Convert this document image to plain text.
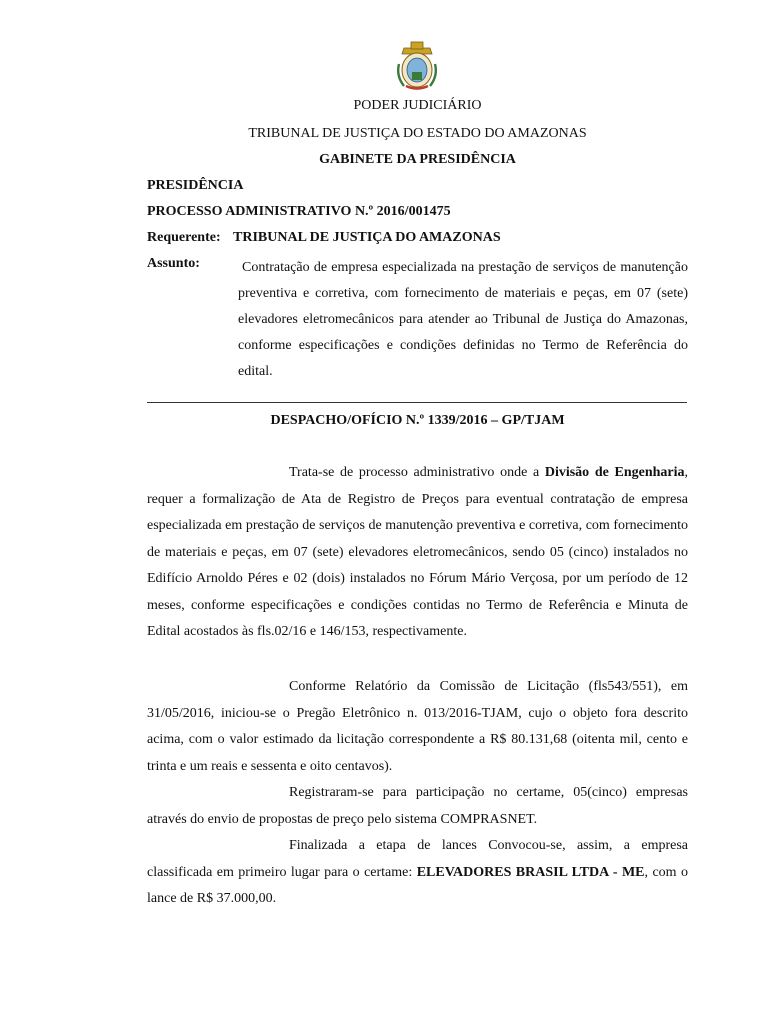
PODER JUDICIÁRIO
TRIBUNAL DE JUSTIÇA DO ESTADO DO AMAZONAS
GABINETE DA PRESIDÊNCIA
PRESIDÊNCIA
PROCESSO ADMINISTRATIVO N.º 2016/001475
Requerente: TRIBUNAL DE JUSTIÇA DO AMAZONAS
Assunto:	Contratação de empresa especializada na prestação de serviços de manutenção preventiva e corretiva, com fornecimento de materiais e peças, em 07 (sete) elevadores eletromecânicos para atender ao Tribunal de Justiça do Amazonas, conforme especificações e condições definidas no Termo de Referência do edital.
DESPACHO/OFÍCIO N.º 1339/2016 – GP/TJAM

Trata-se de processo administrativo onde a Divisão de Engenharia, requer a formalização de Ata de Registro de Preços para eventual contratação de empresa especializada em prestação de serviços de manutenção preventiva e corretiva, com fornecimento de materiais e peças, em 07 (sete) elevadores eletromecânicos, sendo 05 (cinco) instalados no Edifício Arnoldo Péres e 02 (dois) instalados no Fórum Mário Verçosa, por um período de 12 meses, conforme especificações e condições contidas no Termo de Referência e Minuta de Edital acostados às fls.02/16 e 146/153, respectivamente.

Conforme Relatório da Comissão de Licitação (fls543/551), em 31/05/2016, iniciou-se o Pregão Eletrônico n. 013/2016-TJAM, cujo o objeto fora descrito acima, com o valor estimado da licitação correspondente a R$ 80.131,68 (oitenta mil, cento e trinta e um reais e sessenta e oito centavos).

Registraram-se para participação no certame, 05(cinco) empresas através do envio de propostas de preço pelo sistema COMPRASNET.

Finalizada a etapa de lances Convocou-se, assim, a empresa classificada em primeiro lugar para o certame: ELEVADORES BRASIL LTDA - ME, com o lance de R$ 37.000,00.
